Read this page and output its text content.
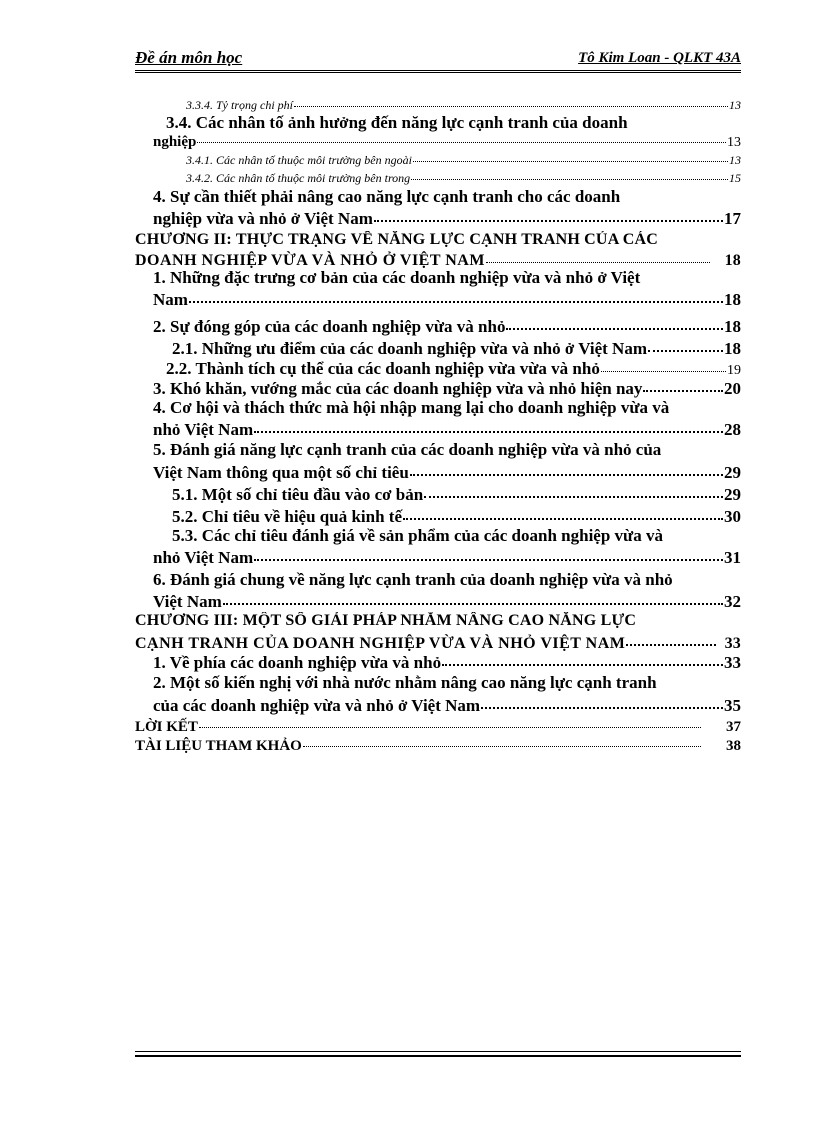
Đề án môn học	Tô Kim Loan - QLKT 43A
3.3.4. Tỷ trọng chi phí	13
3.4. Các nhân tố ảnh hưởng đến năng lực cạnh tranh của doanh
nghiệp	13
3.4.1. Các nhân tố thuộc môi trường bên ngoài	13
3.4.2. Các nhân tố thuộc môi trường bên trong	15
4. Sự cần thiết phải nâng cao năng lực cạnh tranh cho các doanh
nghiệp vừa và nhỏ ở Việt Nam	17
CHƯƠNG II: THỰC TRẠNG VỀ NĂNG LỰC CẠNH TRANH CỦA CÁC
DOANH NGHIỆP VỪA VÀ NHỎ Ở VIỆT NAM	18
1. Những đặc trưng cơ bản của các doanh nghiệp vừa và nhỏ ở Việt
Nam	18
2. Sự đóng góp của các doanh nghiệp vừa và nhỏ	18
2.1. Những ưu điểm của các doanh nghiệp vừa và nhỏ ở Việt Nam	18
2.2. Thành tích cụ thể của các doanh nghiệp vừa vừa và nhỏ	19
3. Khó khăn, vướng mắc của các doanh nghiệp vừa và nhỏ hiện nay	20
4. Cơ hội và thách thức mà hội nhập mang lại cho doanh nghiệp vừa và
nhỏ Việt Nam	28
5. Đánh giá năng lực cạnh tranh của các doanh nghiệp vừa và nhỏ của
Việt Nam thông qua một số chỉ tiêu	29
5.1. Một số chỉ tiêu đầu vào cơ bản	29
5.2. Chỉ tiêu về hiệu quả kinh tế	30
5.3. Các chỉ tiêu đánh giá về sản phẩm của các doanh nghiệp vừa và
nhỏ Việt Nam	31
6. Đánh giá chung về năng lực cạnh tranh của doanh nghiệp vừa và nhỏ
Việt Nam	32
CHƯƠNG III: MỘT SỐ GIẢI PHÁP NHẰM NÂNG CAO NĂNG LỰC
CẠNH TRANH CỦA DOANH NGHIỆP VỪA VÀ NHỎ VIỆT NAM	33
1. Về phía các doanh nghiệp vừa và nhỏ	33
2. Một số kiến nghị với nhà nước nhằm nâng cao năng lực cạnh tranh
của các doanh nghiệp vừa và nhỏ ở Việt Nam	35
LỜI KẾT	37
TÀI LIỆU THAM KHẢO	38
